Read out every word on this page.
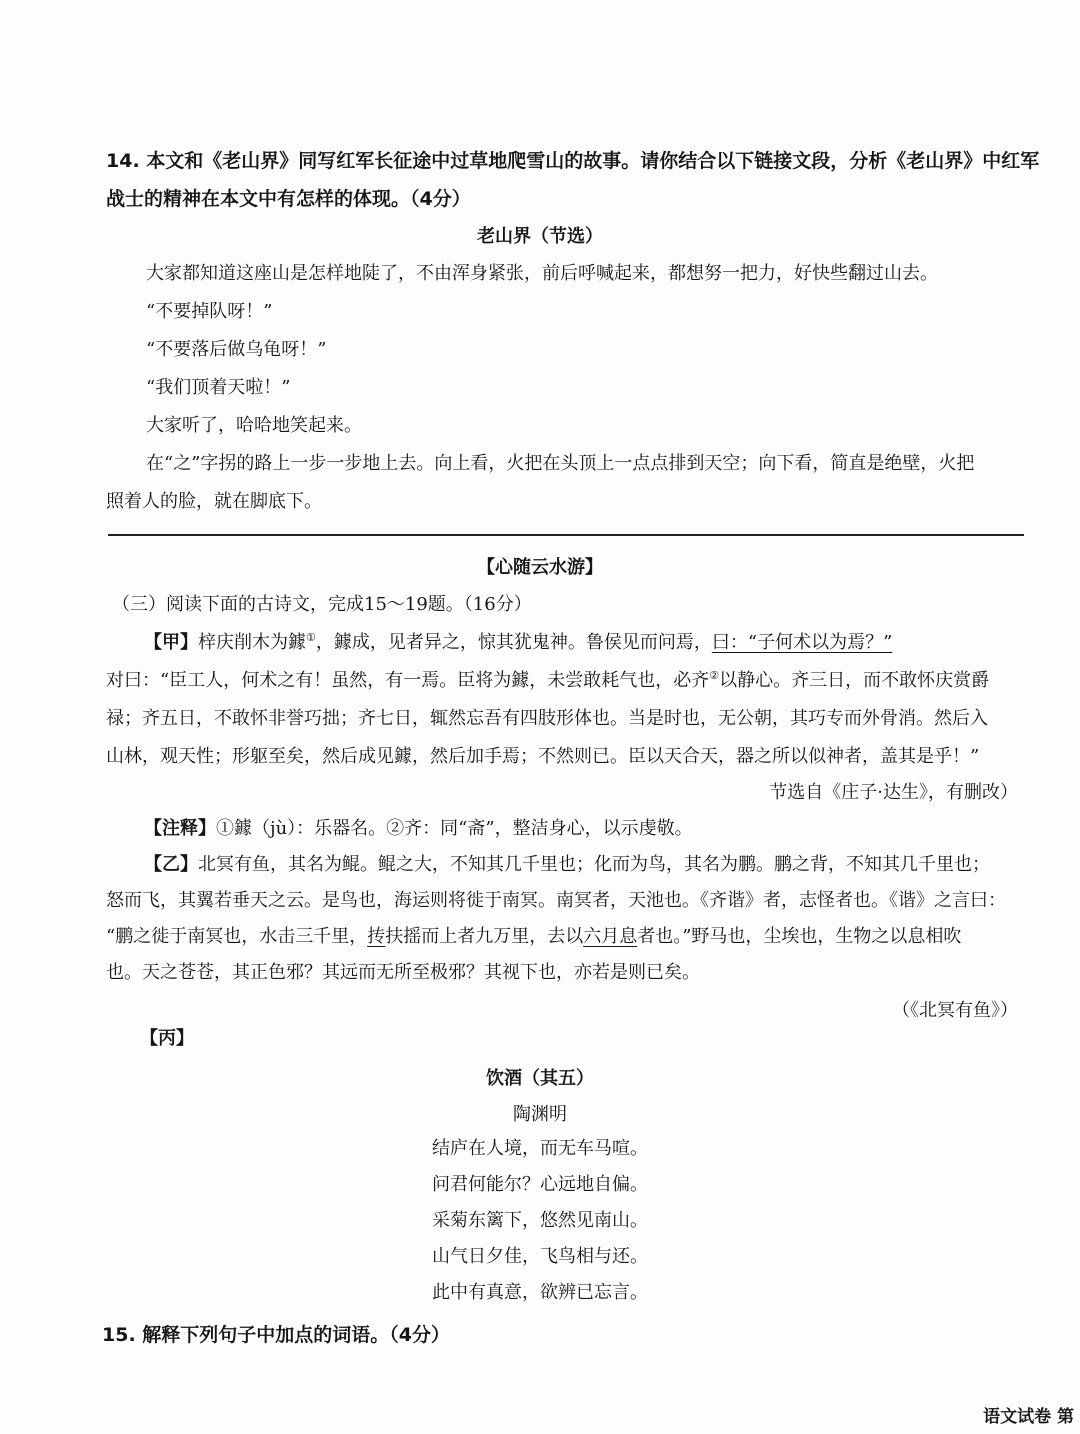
14. 本文和《老山界》同写红军长征途中过草地爬雪山的故事。请你结合以下链接文段，分析《老山界》中红军
战士的精神在本文中有怎样的体现。（4分）
老山界（节选）
大家都知道这座山是怎样地陡了，不由浑身紧张，前后呼喊起来，都想努一把力，好快些翻过山去。
“不要掉队呀！”
“不要落后做乌龟呀！”
“我们顶着天啦！”
大家听了，哈哈地笑起来。
在“之”字拐的路上一步一步地上去。向上看，火把在头顶上一点点排到天空；向下看，简直是绝壁，火把
照着人的脸，就在脚底下。
【心随云水游】
（三）阅读下面的古诗文，完成15～19题。（16分）
【甲】梓庆削木为鐻①，鐻成，见者异之，惊其犹鬼神。鲁侯见而问焉，曰：“子何术以为焉？”
对曰：“臣工人，何术之有！虽然，有一焉。臣将为鐻，未尝敢耗气也，必齐②以静心。齐三日，而不敢怀庆赏爵
禄；齐五日，不敢怀非誉巧拙；齐七日，辄然忘吾有四肢形体也。当是时也，无公朝，其巧专而外骨消。然后入
山林，观天性；形躯至矣，然后成见鐻，然后加手焉；不然则已。臣以天合天，器之所以似神者，盖其是乎！”
节选自《庄子·达生》，有删改）
【注释】①鐻（jù）：乐器名。②齐：同“斋”，整洁身心，以示虔敬。
【乙】北冥有鱼，其名为鲲。鲲之大，不知其几千里也；化而为鸟，其名为鹏。鹏之背，不知其几千里也；
怒而飞，其翼若垂天之云。是鸟也，海运则将徙于南冥。南冥者，天池也。《齐谐》者，志怪者也。《谐》之言曰：
“鹏之徙于南冥也，水击三千里，抟扶摇而上者九万里，去以六月息者也。”野马也，尘埃也，生物之以息相吹
也。天之苍苍，其正色邪？其远而无所至极邪？其视下也，亦若是则已矣。
（《北冥有鱼》）
【丙】
饮酒（其五）
陶渊明
结庐在人境，而无车马喧。
问君何能尔？心远地自偏。
采菊东篱下，悠然见南山。
山气日夕佳，飞鸟相与还。
此中有真意，欲辨已忘言。
15. 解释下列句子中加点的词语。（4分）
语文试卷 第
